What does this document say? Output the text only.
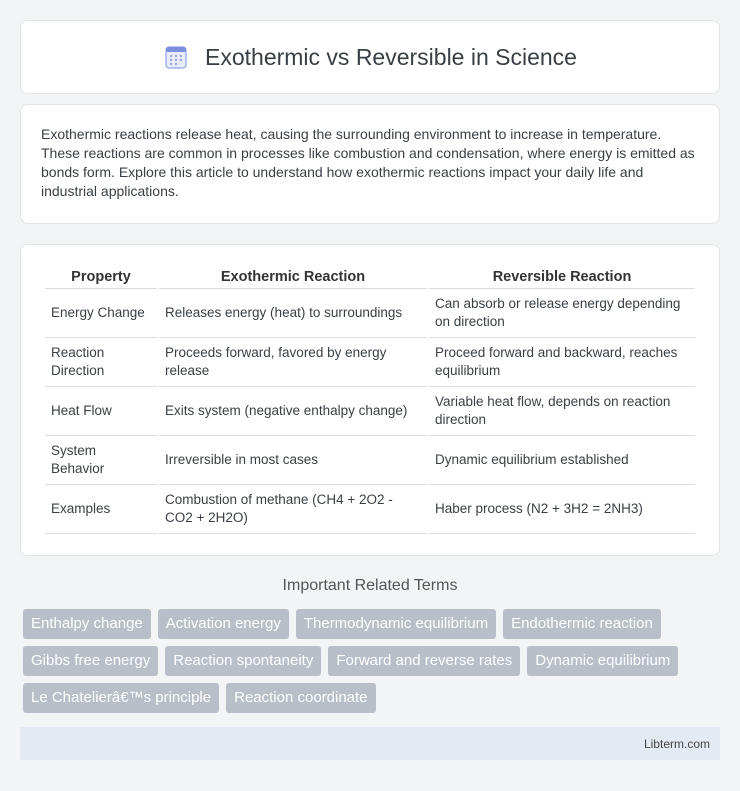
Exothermic vs Reversible in Science

Exothermic reactions release heat, causing the surrounding environment to increase in temperature. These reactions are common in processes like combustion and condensation, where energy is emitted as bonds form. Explore this article to understand how exothermic reactions impact your daily life and industrial applications.

Property	Exothermic Reaction	Reversible Reaction
Energy Change	Releases energy (heat) to surroundings	Can absorb or release energy depending on direction
Reaction Direction	Proceeds forward, favored by energy release	Proceed forward and backward, reaches equilibrium
Heat Flow	Exits system (negative enthalpy change)	Variable heat flow, depends on reaction direction
System Behavior	Irreversible in most cases	Dynamic equilibrium established
Examples	Combustion of methane (CH4 + 2O2 - CO2 + 2H2O)	Haber process (N2 + 3H2 = 2NH3)
Important Related Terms
Enthalpy change	Activation energy	Thermodynamic equilibrium	Endothermic reaction
Gibbs free energy	Reaction spontaneity	Forward and reverse rates	Dynamic equilibrium
Le Chatelierâ€™s principle	Reaction coordinate
Libterm.com
